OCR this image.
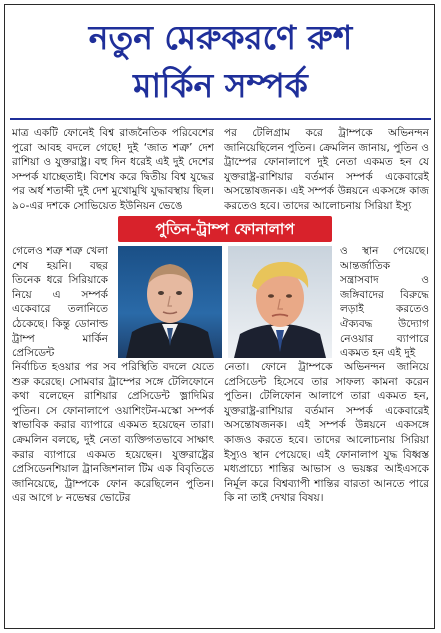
নতুন মেরুকরণে রুশ
মার্কিন সম্পর্ক

মাত্র একটি ফোনেই বিশ্ব রাজনৈতিক পরিবেশের পুরো আবহ বদলে গেছে! দুই ‘জাত শত্রু’ দেশ রাশিয়া ও যুক্তরাষ্ট্র। বহু দিন ধরেই এই দুই দেশের সম্পর্ক যাচ্ছেতাই। বিশেষ করে দ্বিতীয় বিশ্ব যুদ্ধের পর অর্ধ শতাব্দী দুই দেশ মুখোমুখি যুদ্ধাবস্থায় ছিল। ৯০-এর দশকে সোভিয়েত ইউনিয়ন ভেঙে

গেলেও শত্রু শত্রু খেলা শেষ হয়নি। বছর তিনেক ধরে সিরিয়াকে নিয়ে এ সম্পর্ক একেবারে তলানিতে ঠেকেছে। কিন্তু ডোনাল্ড ট্রাম্প মার্কিন প্রেসিডেন্ট

নির্বাচিত হওয়ার পর সব পরিস্থিতি বদলে যেতে শুরু করেছে। সোমবার ট্রাম্পের সঙ্গে টেলিফোনে কথা বলেছেন রাশিয়ার প্রেসিডেন্ট ভ্লাদিমির পুতিন। সে ফোনালাপে ওয়াশিংটন-মস্কো সম্পর্ক স্বাভাবিক করার ব্যাপারে একমত হয়েছেন তারা। ক্রেমলিন বলছে, দুই নেতা ব্যক্তিগতভাবে সাক্ষাৎ করার ব্যাপারে একমত হয়েছেন। যুক্তরাষ্ট্রের প্রেসিডেনশিয়াল ট্রানজিশনাল টিম এক বিবৃতিতে জানিয়েছে, ট্রাম্পকে ফোন করেছিলেন পুতিন। এর আগে ৮ নভেম্বর ভোটের

পর টেলিগ্রাম করে ট্রাম্পকে অভিনন্দন জানিয়েছিলেন পুতিন। ক্রেমলিন জানায়, পুতিন ও ট্রাম্পের ফোনালাপে দুই নেতা একমত হন যে যুক্তরাষ্ট্র-রাশিয়ার বর্তমান সম্পর্ক একেবারেই অসন্তোষজনক। এই সম্পর্ক উন্নয়নে একসঙ্গে কাজ করতেও হবে। তাদের আলোচনায় সিরিয়া ইস্যু

ও স্থান পেয়েছে। আন্তর্জাতিক সন্ত্রাসবাদ ও জঙ্গিবাদের বিরুদ্ধে লড়াই করতেও ঐক্যবদ্ধ উদ্যোগ নেওয়ার ব্যাপারে একমত হন এই দুই

নেতা। ফোনে ট্রাম্পকে অভিনন্দন জানিয়ে প্রেসিডেন্ট হিসেবে তার সাফল্য কামনা করেন পুতিন। টেলিফোন আলাপে তারা একমত হন, যুক্তরাষ্ট্র-রাশিয়ার বর্তমান সম্পর্ক একেবারেই অসন্তোষজনক। এই সম্পর্ক উন্নয়নে একসঙ্গে কাজও করতে হবে। তাদের আলোচনায় সিরিয়া ইস্যুও স্থান পেয়েছে। এই ফোনালাপ যুদ্ধ বিধ্বস্ত মধ্যপ্রাচ্যে শান্তির আভাস ও ভয়ঙ্কর আইএসকে নির্মূল করে বিশ্বব্যাপী শান্তির বারতা আনতে পারে কি না তাই দেখার বিষয়।

পুতিন-ট্রাম্প ফোনালাপ
